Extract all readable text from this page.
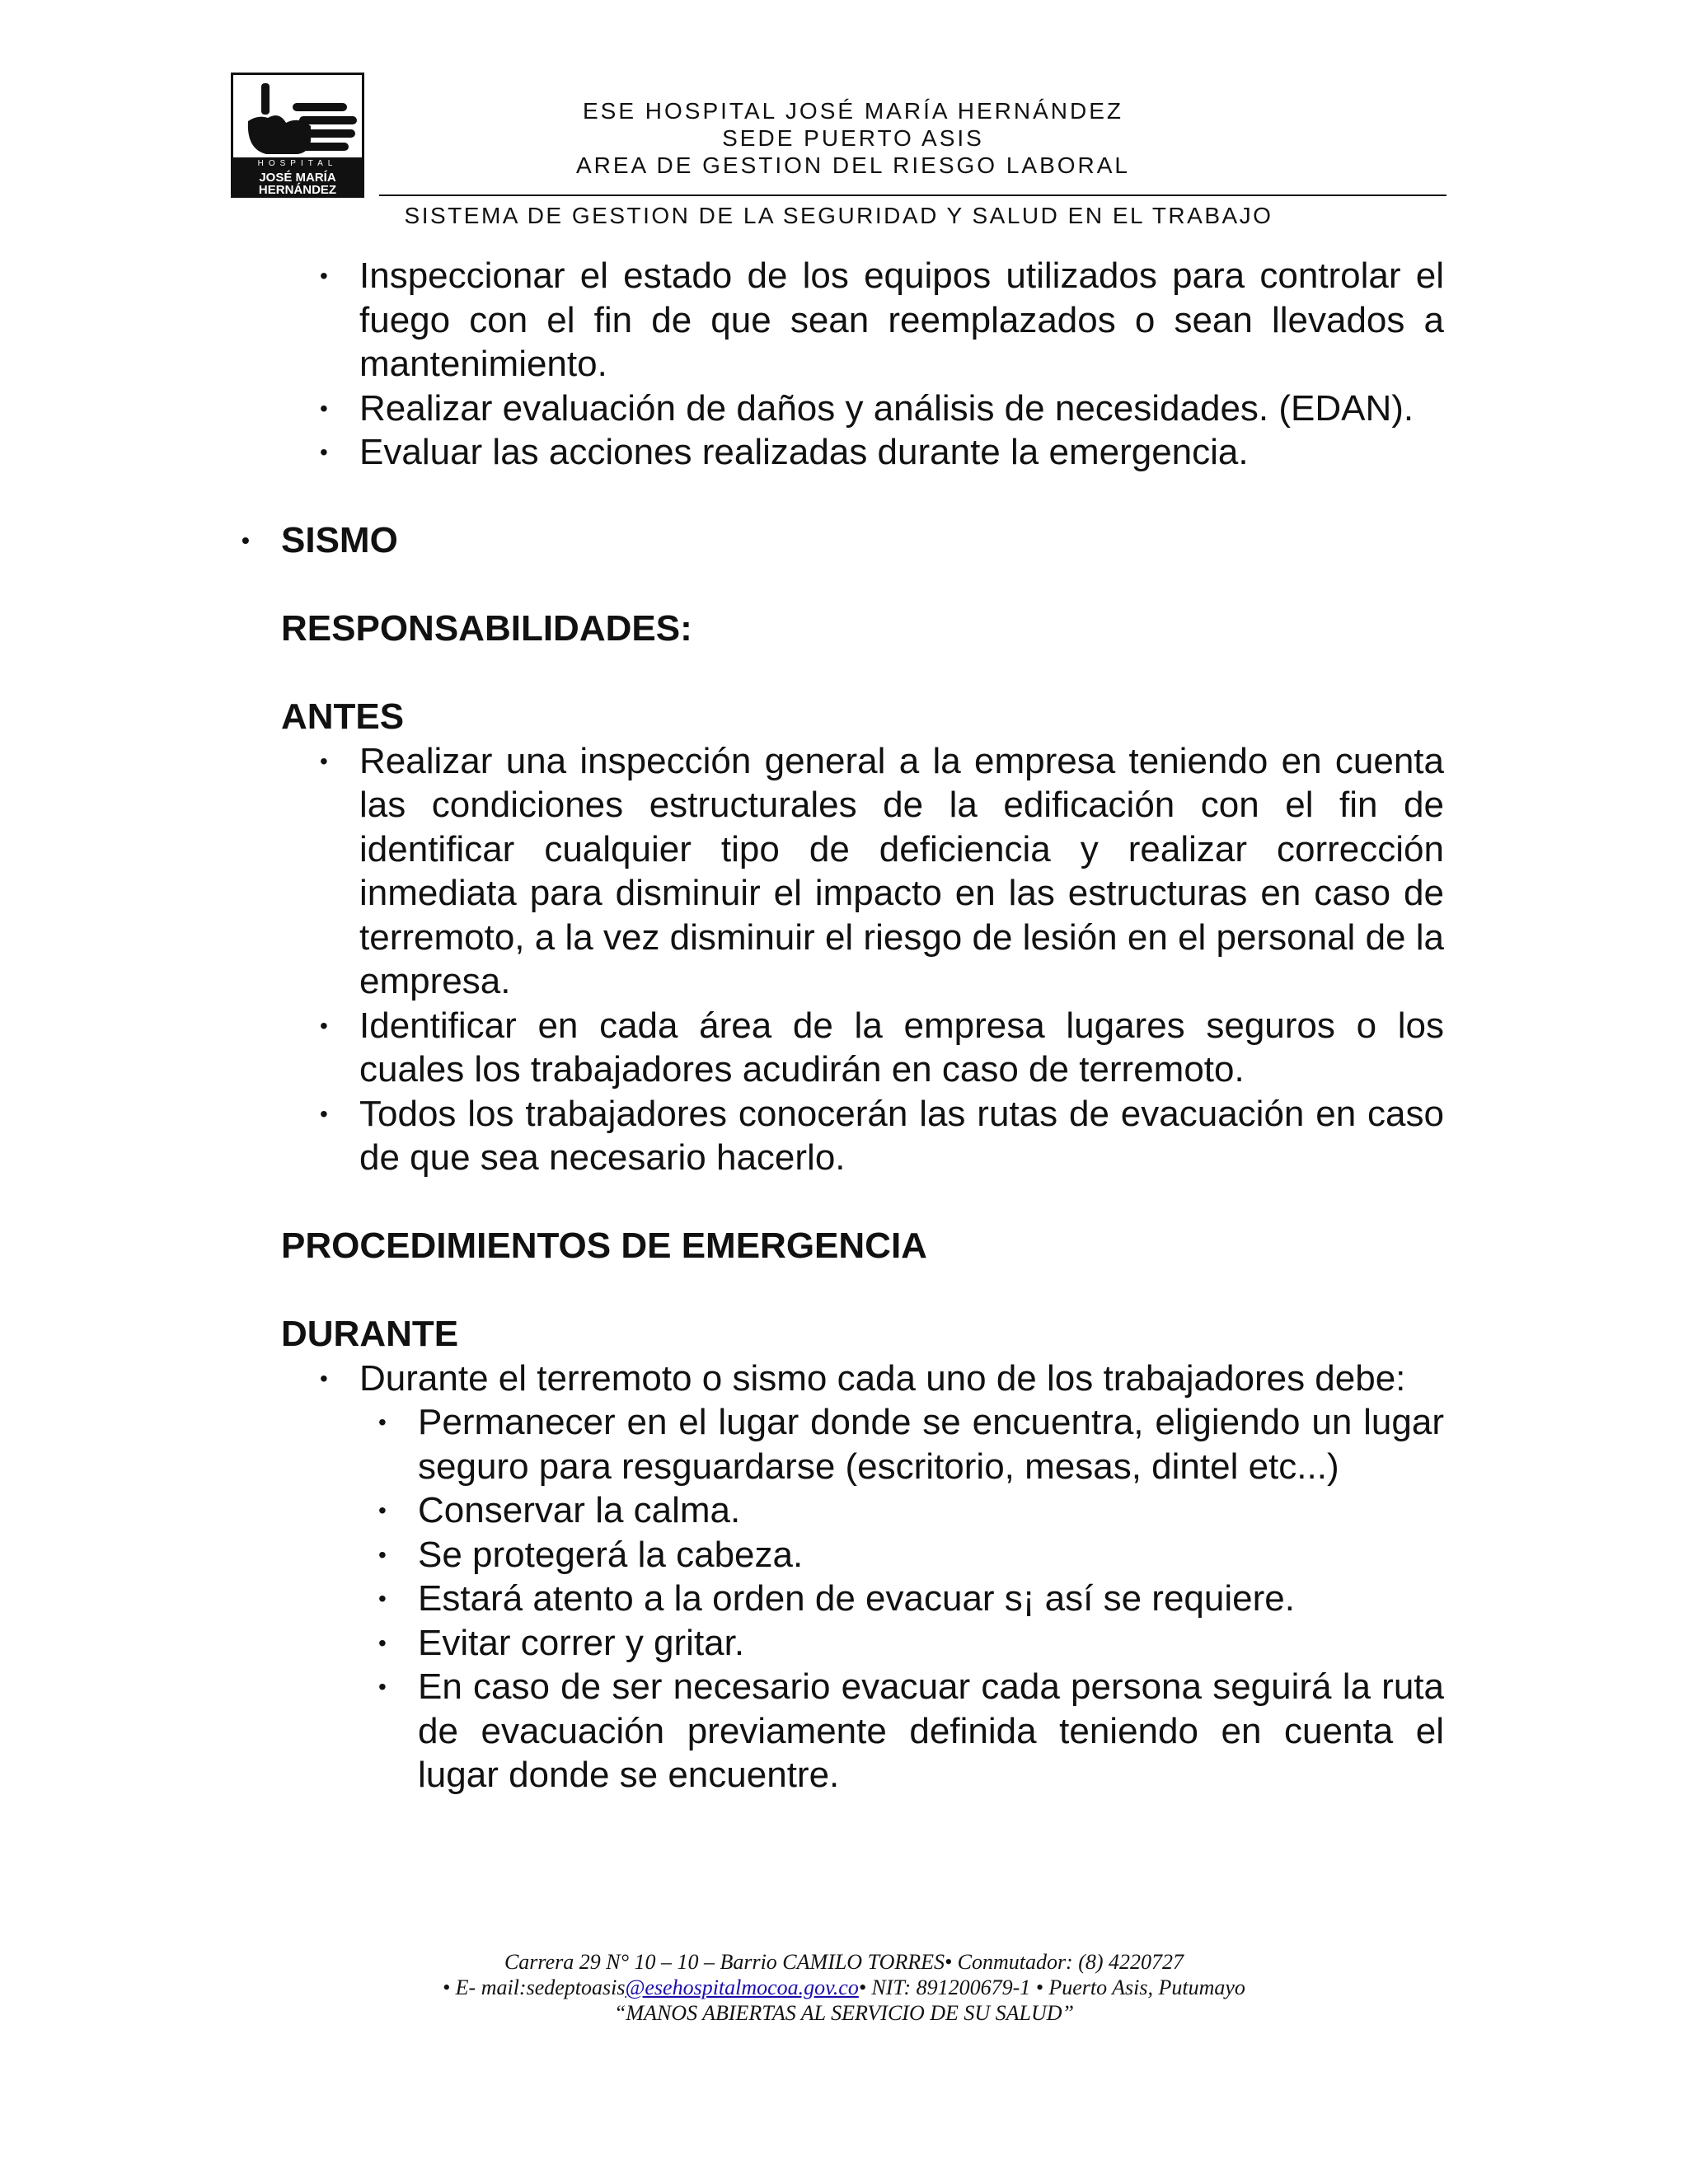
HOSPITAL
JOSÉ MARÍA HERNÁNDEZ
EMPRESA SOCIAL DEL ESTADO
ESE HOSPITAL JOSÉ MARÍA HERNÁNDEZ
SEDE PUERTO ASIS
AREA DE GESTION DEL RIESGO LABORAL
SISTEMA DE GESTION DE LA SEGURIDAD Y SALUD EN EL TRABAJO
• Inspeccionar el estado de los equipos utilizados para controlar el fuego con el fin de que sean reemplazados o sean llevados a mantenimiento.
• Realizar evaluación de daños y análisis de necesidades. (EDAN).
• Evaluar las acciones realizadas durante la emergencia.
• SISMO
RESPONSABILIDADES:
ANTES
• Realizar una inspección general a la empresa teniendo en cuenta las condiciones estructurales de la edificación con el fin de identificar cualquier tipo de deficiencia y realizar corrección inmediata para disminuir el impacto en las estructuras en caso de terremoto, a la vez disminuir el riesgo de lesión en el personal de la empresa.
• Identificar en cada área de la empresa lugares seguros o los cuales los trabajadores acudirán en caso de terremoto.
• Todos los trabajadores conocerán las rutas de evacuación en caso de que sea necesario hacerlo.
PROCEDIMIENTOS DE EMERGENCIA
DURANTE
• Durante el terremoto o sismo cada uno de los trabajadores debe:
• Permanecer en el lugar donde se encuentra, eligiendo un lugar seguro para resguardarse (escritorio, mesas, dintel etc...)
• Conservar la calma.
• Se protegerá la cabeza.
• Estará atento a la orden de evacuar s¡ así se requiere.
• Evitar correr y gritar.
• En caso de ser necesario evacuar cada persona seguirá la ruta de evacuación previamente definida teniendo en cuenta el lugar donde se encuentre.
Carrera 29 N° 10 – 10 – Barrio CAMILO TORRES• Conmutador: (8) 4220727
• E- mail:sedeptoasis@esehospitalmocoa.gov.co• NIT: 891200679-1 • Puerto Asis, Putumayo
“MANOS ABIERTAS AL SERVICIO DE SU SALUD”
